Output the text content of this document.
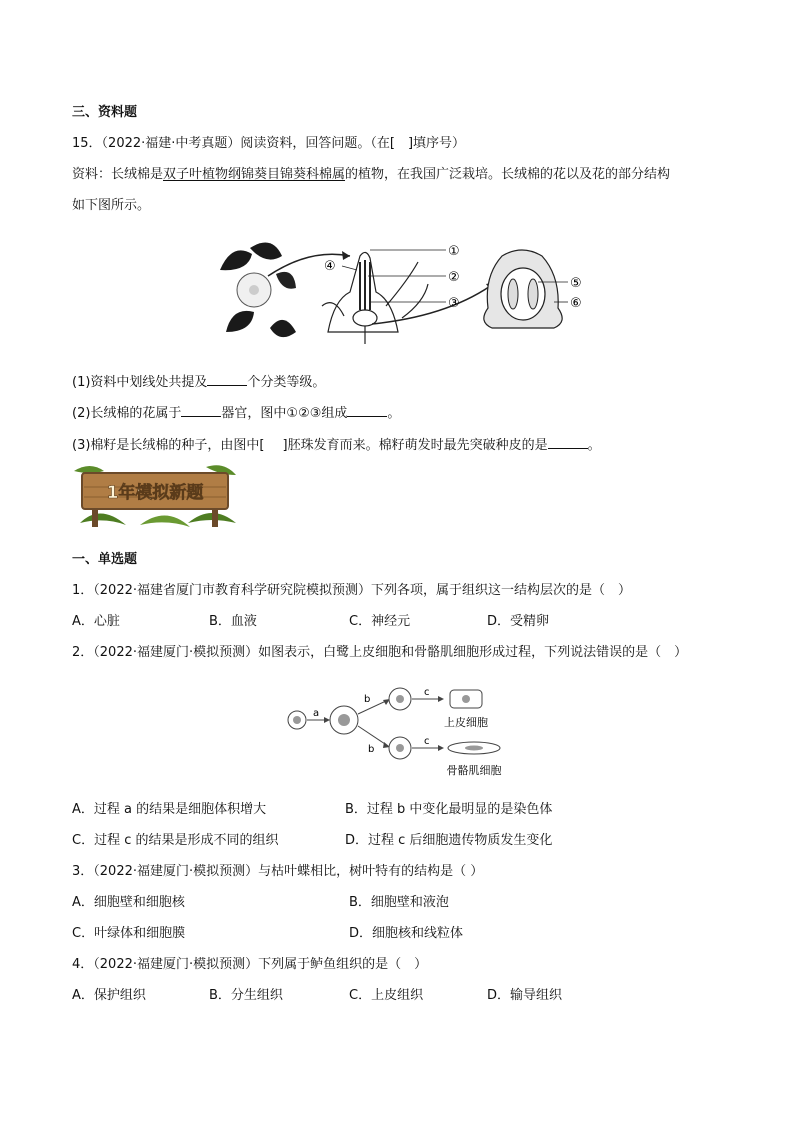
三、资料题
15．（2022·福建·中考真题）阅读资料，回答问题。（在[　]填序号）
资料：长绒棉是双子叶植物纲锦葵目锦葵科棉属的植物，在我国广泛栽培。长绒棉的花以及花的部分结构
如下图所示。
①
②
③
④
⑤
⑥
(1)资料中划线处共提及	个分类等级。
(2)长绒棉的花属于	器官，图中①②③组成	。
(3)棉籽是长绒棉的种子，由图中[ ]胚珠发育而来。棉籽萌发时最先突破种皮的是	。
1年模拟新题
一、单选题
1．（2022·福建省厦门市教育科学研究院模拟预测）下列各项，属于组织这一结构层次的是（　）
A．心脏	B．血液	C．神经元	D．受精卵
2．（2022·福建厦门·模拟预测）如图表示，白鹭上皮细胞和骨骼肌细胞形成过程，下列说法错误的是（　）
a
b
b
c
c
上皮细胞
骨骼肌细胞
A．过程 a 的结果是细胞体积增大	B．过程 b 中变化最明显的是染色体
C．过程 c 的结果是形成不同的组织	D．过程 c 后细胞遗传物质发生变化
3．（2022·福建厦门·模拟预测）与枯叶蝶相比，树叶特有的结构是（ ）
A．细胞壁和细胞核	B．细胞壁和液泡
C．叶绿体和细胞膜	D．细胞核和线粒体
4．（2022·福建厦门·模拟预测）下列属于鲈鱼组织的是（　）
A．保护组织	B．分生组织	C．上皮组织	D．输导组织
